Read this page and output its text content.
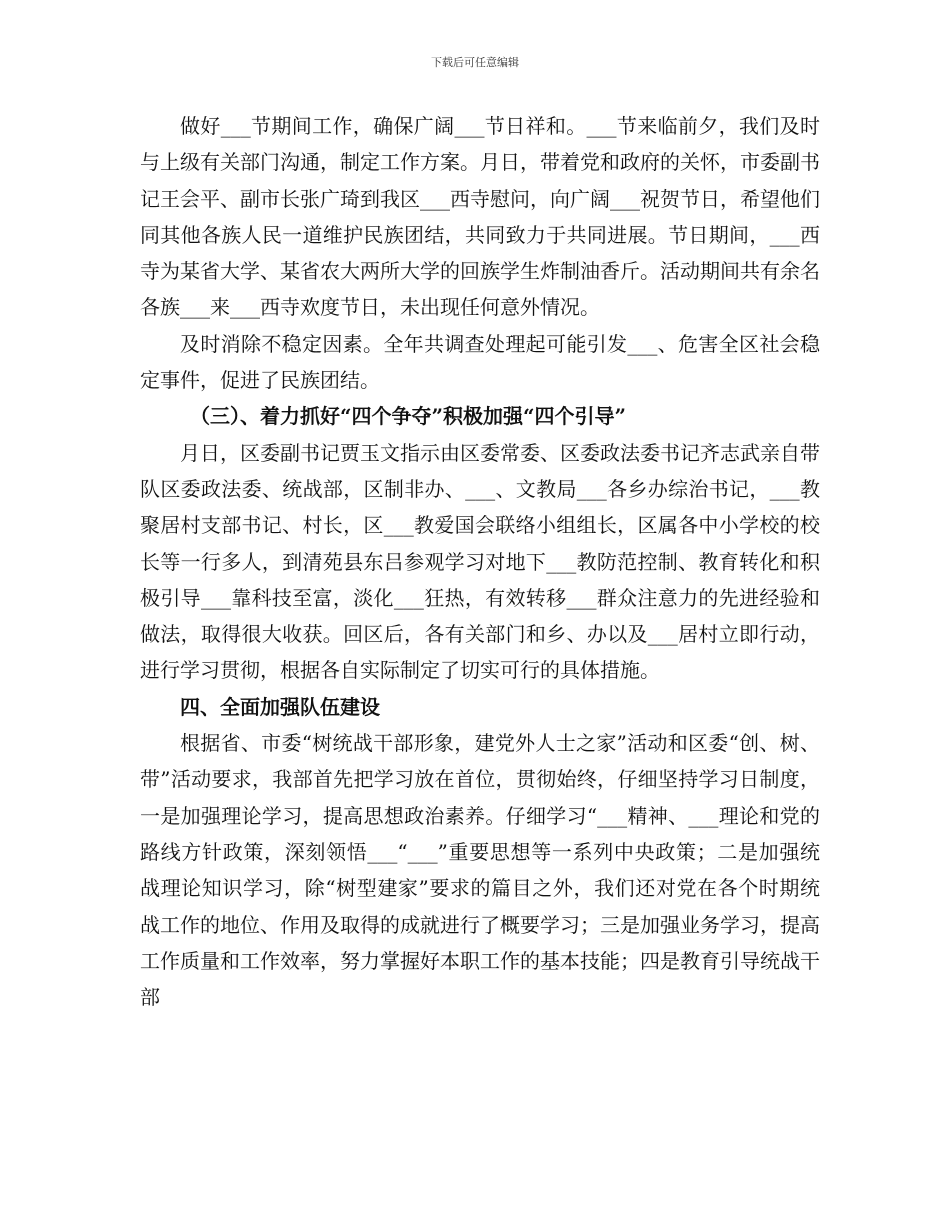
下载后可任意编辑

做好___节期间工作，确保广阔___节日祥和。___节来临前夕，我们及时与上级有关部门沟通，制定工作方案。月日，带着党和政府的关怀，市委副书记王会平、副市长张广琦到我区___西寺慰问，向广阔___祝贺节日，希望他们同其他各族人民一道维护民族团结，共同致力于共同进展。节日期间，___西寺为某省大学、某省农大两所大学的回族学生炸制油香斤。活动期间共有余名各族___来___西寺欢度节日，未出现任何意外情况。

及时消除不稳定因素。全年共调查处理起可能引发___、危害全区社会稳定事件，促进了民族团结。

（三）、着力抓好“四个争夺”积极加强“四个引导”

月日，区委副书记贾玉文指示由区委常委、区委政法委书记齐志武亲自带队区委政法委、统战部，区制非办、___、文教局___各乡办综治书记，___教聚居村支部书记、村长，区___教爱国会联络小组组长，区属各中小学校的校长等一行多人，到清苑县东吕参观学习对地下___教防范控制、教育转化和积极引导___靠科技至富，淡化___狂热，有效转移___群众注意力的先进经验和做法，取得很大收获。回区后，各有关部门和乡、办以及___居村立即行动，进行学习贯彻，根据各自实际制定了切实可行的具体措施。

四、全面加强队伍建设

根据省、市委“树统战干部形象，建党外人士之家”活动和区委“创、树、带”活动要求，我部首先把学习放在首位，贯彻始终，仔细坚持学习日制度，一是加强理论学习，提高思想政治素养。仔细学习“___精神、___理论和党的路线方针政策，深刻领悟___“___”重要思想等一系列中央政策；二是加强统战理论知识学习，除“树型建家”要求的篇目之外，我们还对党在各个时期统战工作的地位、作用及取得的成就进行了概要学习；三是加强业务学习，提高工作质量和工作效率，努力掌握好本职工作的基本技能；四是教育引导统战干部
